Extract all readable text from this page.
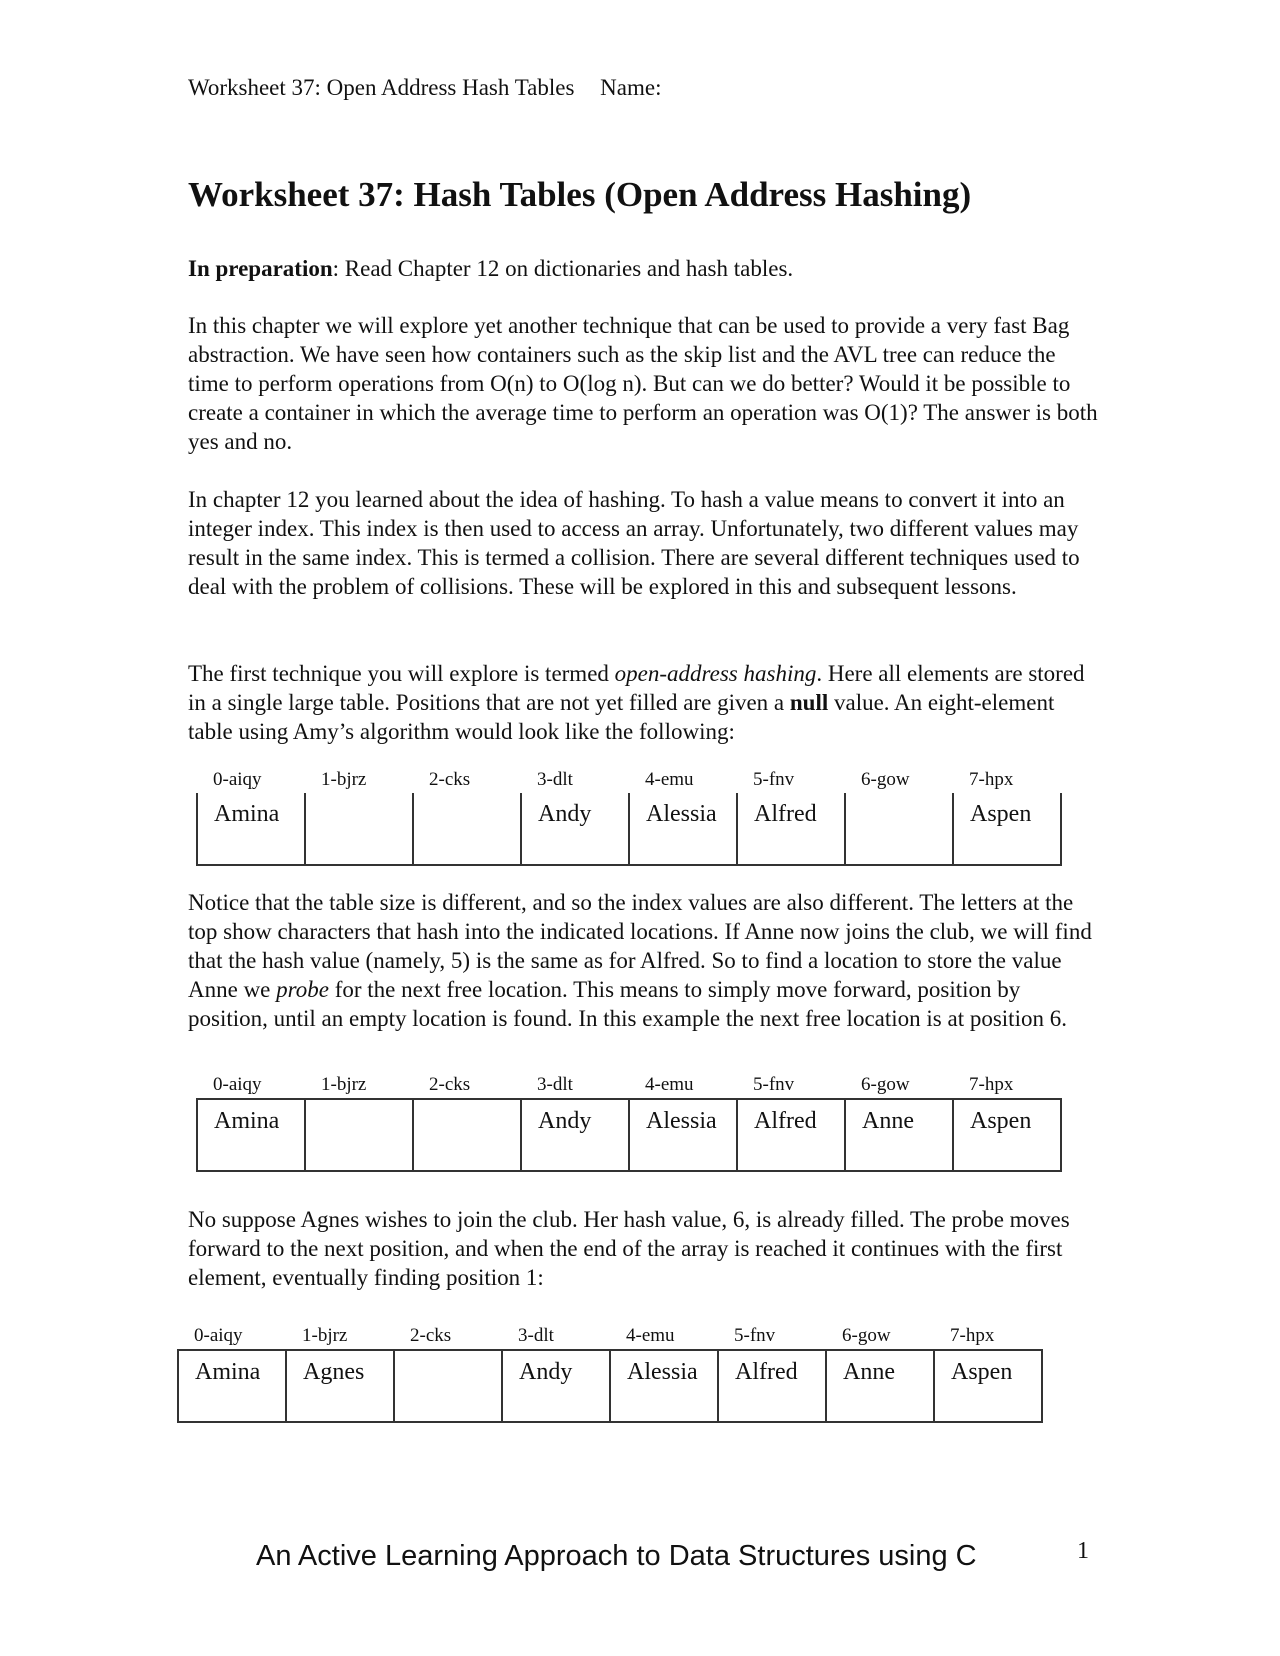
Worksheet 37: Open Address Hash Tables Name:
Worksheet 37: Hash Tables (Open Address Hashing)

In preparation: Read Chapter 12 on dictionaries and hash tables.

In this chapter we will explore yet another technique that can be used to provide a very fast Bag abstraction. We have seen how containers such as the skip list and the AVL tree can reduce the time to perform operations from O(n) to O(log n). But can we do better? Would it be possible to create a container in which the average time to perform an operation was O(1)? The answer is both yes and no.

In chapter 12 you learned about the idea of hashing. To hash a value means to convert it into an integer index. This index is then used to access an array. Unfortunately, two different values may result in the same index. This is termed a collision. There are several different techniques used to deal with the problem of collisions. These will be explored in this and subsequent lessons.

The first technique you will explore is termed open-address hashing. Here all elements are stored in a single large table. Positions that are not yet filled are given a null value. An eight-element table using Amy’s algorithm would look like the following:

0-aiqy	1-bjrz	2-cks	3-dlt	4-emu	5-fnv	6-gow	7-hpx
Amina			Andy	Alessia	Alfred		Aspen

Notice that the table size is different, and so the index values are also different. The letters at the top show characters that hash into the indicated locations. If Anne now joins the club, we will find that the hash value (namely, 5) is the same as for Alfred. So to find a location to store the value Anne we probe for the next free location. This means to simply move forward, position by position, until an empty location is found. In this example the next free location is at position 6.

0-aiqy	1-bjrz	2-cks	3-dlt	4-emu	5-fnv	6-gow	7-hpx
Amina			Andy	Alessia	Alfred	Anne	Aspen

No suppose Agnes wishes to join the club. Her hash value, 6, is already filled. The probe moves forward to the next position, and when the end of the array is reached it continues with the first element, eventually finding position 1:

0-aiqy	1-bjrz	2-cks	3-dlt	4-emu	5-fnv	6-gow	7-hpx
Amina	Agnes		Andy	Alessia	Alfred	Anne	Aspen
An Active Learning Approach to Data Structures using C	1
